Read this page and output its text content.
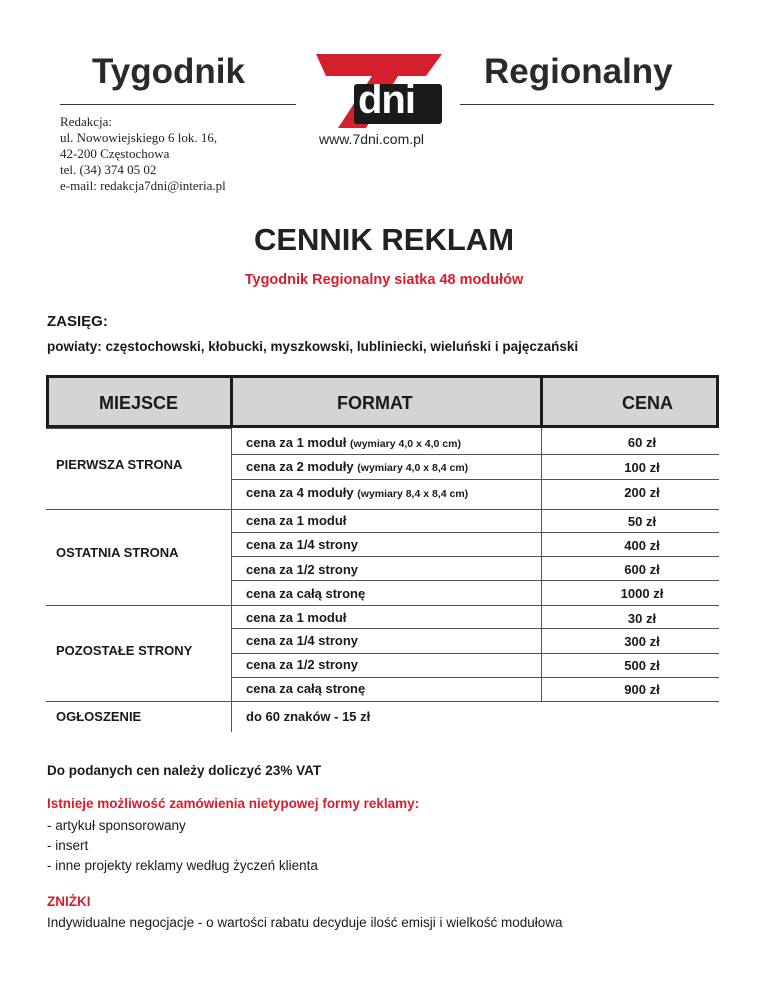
Tygodnik	Regionalny
dni
www.7dni.com.pl
Redakcja:
ul. Nowowiejskiego 6 lok. 16,
42-200 Częstochowa
tel. (34) 374 05 02
e-mail: redakcja7dni@interia.pl
CENNIK REKLAM
Tygodnik Regionalny siatka 48 modułów
ZASIĘG:
powiaty: częstochowski, kłobucki, myszkowski, lubliniecki, wieluński i pajęczański
MIEJSCE	FORMAT	CENA
PIERWSZA STRONA
cena za 1 moduł (wymiary 4,0 x 4,0 cm)	60 zł
cena za 2 moduły (wymiary 4,0 x 8,4 cm)	100 zł
cena za 4 moduły (wymiary 8,4 x 8,4 cm)	200 zł
OSTATNIA STRONA
cena za 1 moduł	50 zł
cena za 1/4 strony	400 zł
cena za 1/2 strony	600 zł
cena za całą stronę	1000 zł
POZOSTAŁE STRONY
cena za 1 moduł	30 zł
cena za 1/4 strony	300 zł
cena za 1/2 strony	500 zł
cena za całą stronę	900 zł
OGŁOSZENIE	do 60 znaków - 15 zł
Do podanych cen należy doliczyć 23% VAT
Istnieje możliwość zamówienia nietypowej formy reklamy:
- artykuł sponsorowany
- insert
- inne projekty reklamy według życzeń klienta
ZNIŻKI
Indywidualne negocjacje - o wartości rabatu decyduje ilość emisji i wielkość modułowa
